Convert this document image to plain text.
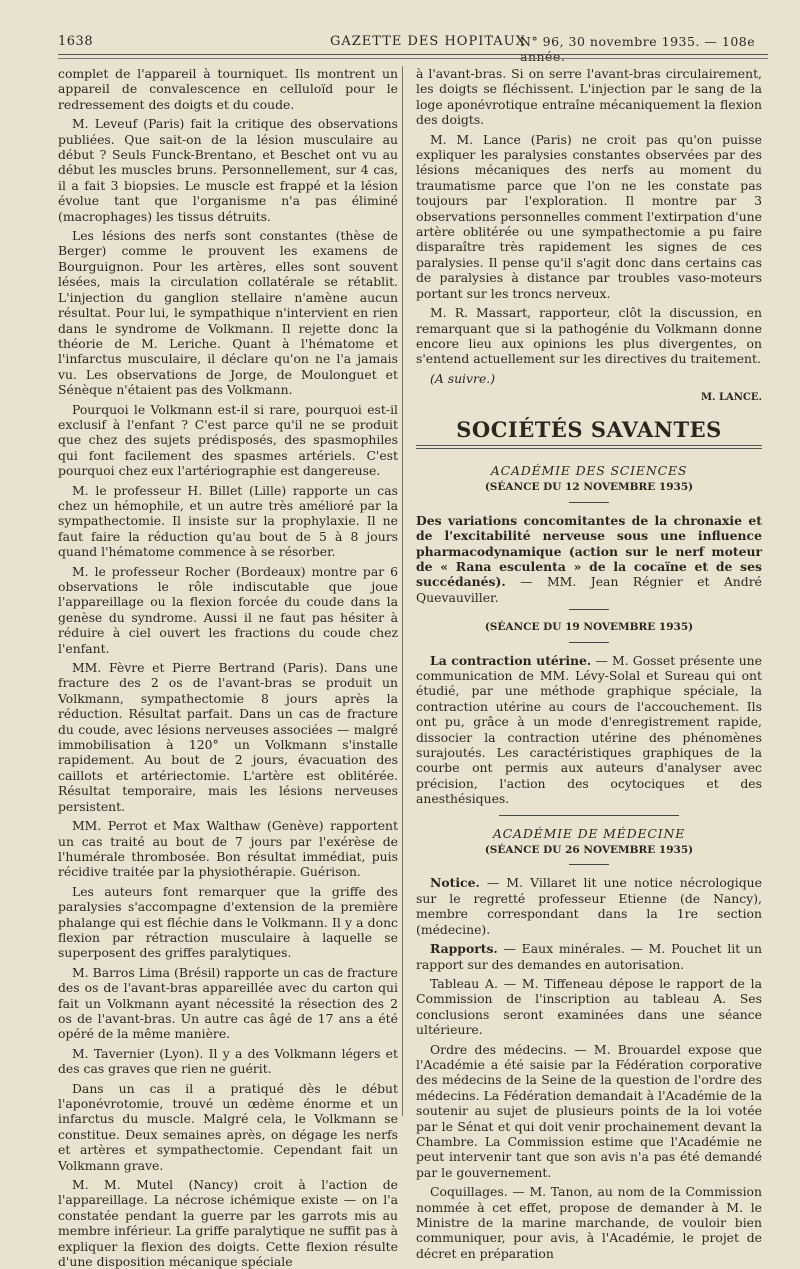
1638	GAZETTE DES HOPITAUX
N° 96, 30 novembre 1935. — 108e année.

complet de l'appareil à tourniquet. Ils montrent un appareil de convalescence en celluloïd pour le redressement des doigts et du coude.

M. Leveuf (Paris) fait la critique des observations publiées. Que sait-on de la lésion musculaire au début ? Seuls Funck-Brentano, et Beschet ont vu au début les muscles bruns. Personnellement, sur 4 cas, il a fait 3 biopsies. Le muscle est frappé et la lésion évolue tant que l'organisme n'a pas éliminé (macrophages) les tissus détruits.

Les lésions des nerfs sont constantes (thèse de Berger) comme le prouvent les examens de Bourguignon. Pour les artères, elles sont souvent lésées, mais la circulation collatérale se rétablit. L'injection du ganglion stellaire n'amène aucun résultat. Pour lui, le sympathique n'intervient en rien dans le syndrome de Volkmann. Il rejette donc la théorie de M. Leriche. Quant à l'hématome et l'infarctus musculaire, il déclare qu'on ne l'a jamais vu. Les observations de Jorge, de Moulonguet et Sénèque n'étaient pas des Volkmann.

Pourquoi le Volkmann est-il si rare, pourquoi est-il exclusif à l'enfant ? C'est parce qu'il ne se produit que chez des sujets prédisposés, des spasmophiles qui font facilement des spasmes artériels. C'est pourquoi chez eux l'artériographie est dangereuse.

M. le professeur H. Billet (Lille) rapporte un cas chez un hémophile, et un autre très amélioré par la sympathectomie. Il insiste sur la prophylaxie. Il ne faut faire la réduction qu'au bout de 5 à 8 jours quand l'hématome commence à se résorber.

M. le professeur Rocher (Bordeaux) montre par 6 observations le rôle indiscutable que joue l'appareillage ou la flexion forcée du coude dans la genèse du syndrome. Aussi il ne faut pas hésiter à réduire à ciel ouvert les fractions du coude chez l'enfant.

MM. Fèvre et Pierre Bertrand (Paris). Dans une fracture des 2 os de l'avant-bras se produit un Volkmann, sympathectomie 8 jours après la réduction. Résultat parfait. Dans un cas de fracture du coude, avec lésions nerveuses associées — malgré immobilisation à 120° un Volkmann s'installe rapidement. Au bout de 2 jours, évacuation des caillots et artériectomie. L'artère est oblitérée. Résultat temporaire, mais les lésions nerveuses persistent.

MM. Perrot et Max Walthaw (Genève) rapportent un cas traité au bout de 7 jours par l'exérèse de l'humérale thrombosée. Bon résultat immédiat, puis récidive traitée par la physiothérapie. Guérison.

Les auteurs font remarquer que la griffe des paralysies s'accompagne d'extension de la première phalange qui est fléchie dans le Volkmann. Il y a donc flexion par rétraction musculaire à laquelle se superposent des griffes paralytiques.

M. Barros Lima (Brésil) rapporte un cas de fracture des os de l'avant-bras appareillée avec du carton qui fait un Volkmann ayant nécessité la résection des 2 os de l'avant-bras. Un autre cas âgé de 17 ans a été opéré de la même manière.

M. Tavernier (Lyon). Il y a des Volkmann légers et des cas graves que rien ne guérit.

Dans un cas il a pratiqué dès le début l'aponévrotomie, trouvé un œdème énorme et un infarctus du muscle. Malgré cela, le Volkmann se constitue. Deux semaines après, on dégage les nerfs et artères et sympathectomie. Cependant fait un Volkmann grave.

M. M. Mutel (Nancy) croit à l'action de l'appareillage. La nécrose ichémique existe — on l'a constatée pendant la guerre par les garrots mis au membre inférieur. La griffe paralytique ne suffit pas à expliquer la flexion des doigts. Cette flexion résulte d'une disposition mécanique spéciale

à l'avant-bras. Si on serre l'avant-bras circulairement, les doigts se fléchissent. L'injection par le sang de la loge aponévrotique entraîne mécaniquement la flexion des doigts.

M. M. Lance (Paris) ne croit pas qu'on puisse expliquer les paralysies constantes observées par des lésions mécaniques des nerfs au moment du traumatisme parce que l'on ne les constate pas toujours par l'exploration. Il montre par 3 observations personnelles comment l'extirpation d'une artère oblitérée ou une sympathectomie a pu faire disparaître très rapidement les signes de ces paralysies. Il pense qu'il s'agit donc dans certains cas de paralysies à distance par troubles vaso-moteurs portant sur les troncs nerveux.

M. R. Massart, rapporteur, clôt la discussion, en remarquant que si la pathogénie du Volkmann donne encore lieu aux opinions les plus divergentes, on s'entend actuellement sur les directives du traitement.

(A suivre.)

M. LANCE.
SOCIÉTÉS SAVANTES
ACADÉMIE DES SCIENCES
(SÉANCE DU 12 NOVEMBRE 1935)

Des variations concomitantes de la chronaxie et de l'excitabilité nerveuse sous une influence pharmacodynamique (action sur le nerf moteur de « Rana esculenta » de la cocaïne et de ses succédanés). — MM. Jean Régnier et André Quevauviller.

(SÉANCE DU 19 NOVEMBRE 1935)

La contraction utérine. — M. Gosset présente une communication de MM. Lévy-Solal et Sureau qui ont étudié, par une méthode graphique spéciale, la contraction utérine au cours de l'accouchement. Ils ont pu, grâce à un mode d'enregistrement rapide, dissocier la contraction utérine des phénomènes surajoutés. Les caractéristiques graphiques de la courbe ont permis aux auteurs d'analyser avec précision, l'action des ocytociques et des anesthésiques.

ACADÉMIE DE MÉDECINE
(SÉANCE DU 26 NOVEMBRE 1935)

Notice. — M. Villaret lit une notice nécrologique sur le regretté professeur Etienne (de Nancy), membre correspondant dans la 1re section (médecine).

Rapports. — Eaux minérales. — M. Pouchet lit un rapport sur des demandes en autorisation.

Tableau A. — M. Tiffeneau dépose le rapport de la Commission de l'inscription au tableau A. Ses conclusions seront examinées dans une séance ultérieure.

Ordre des médecins. — M. Brouardel expose que l'Académie a été saisie par la Fédération corporative des médecins de la Seine de la question de l'ordre des médecins. La Fédération demandait à l'Académie de la soutenir au sujet de plusieurs points de la loi votée par le Sénat et qui doit venir prochainement devant la Chambre. La Commission estime que l'Académie ne peut intervenir tant que son avis n'a pas été demandé par le gouvernement.

Coquillages. — M. Tanon, au nom de la Commission nommée à cet effet, propose de demander à M. le Ministre de la marine marchande, de vouloir bien communiquer, pour avis, à l'Académie, le projet de décret en préparation
